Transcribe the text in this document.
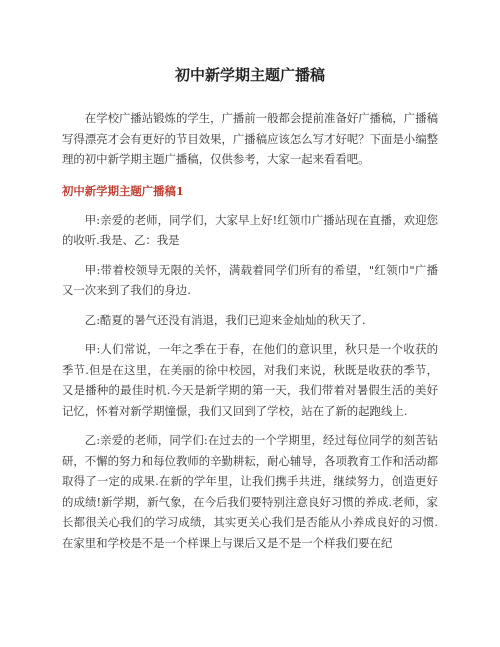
初中新学期主题广播稿

在学校广播站锻炼的学生，广播前一般都会提前准备好广播稿，广播稿写得漂亮才会有更好的节目效果，广播稿应该怎么写才好呢？下面是小编整理的初中新学期主题广播稿，仅供参考，大家一起来看看吧。

初中新学期主题广播稿1

甲:亲爱的老师，同学们，大家早上好!红领巾广播站现在直播，欢迎您的收听.我是、乙：我是

甲:带着校领导无限的关怀，满载着同学们所有的希望，"红领巾"广播又一次来到了我们的身边.

乙:酷夏的暑气还没有消退，我们已迎来金灿灿的秋天了.

甲:人们常说，一年之季在于春，在他们的意识里，秋只是一个收获的季节.但是在这里，在美丽的徐中校园，对我们来说，秋既是收获的季节，又是播种的最佳时机.今天是新学期的第一天，我们带着对暑假生活的美好记忆，怀着对新学期憧憬，我们又回到了学校，站在了新的起跑线上.

乙:亲爱的老师，同学们:在过去的一个学期里，经过每位同学的刻苦钻研，不懈的努力和每位教师的辛勤耕耘，耐心辅导，各项教育工作和活动都取得了一定的成果.在新的学年里，让我们携手共进，继续努力，创造更好的成绩!新学期，新气象，在今后我们要特别注意良好习惯的养成.老师，家长都很关心我们的学习成绩，其实更关心我们是否能从小养成良好的习惯.在家里和学校是不是一个样课上与课后又是不是一个样我们要在纪
